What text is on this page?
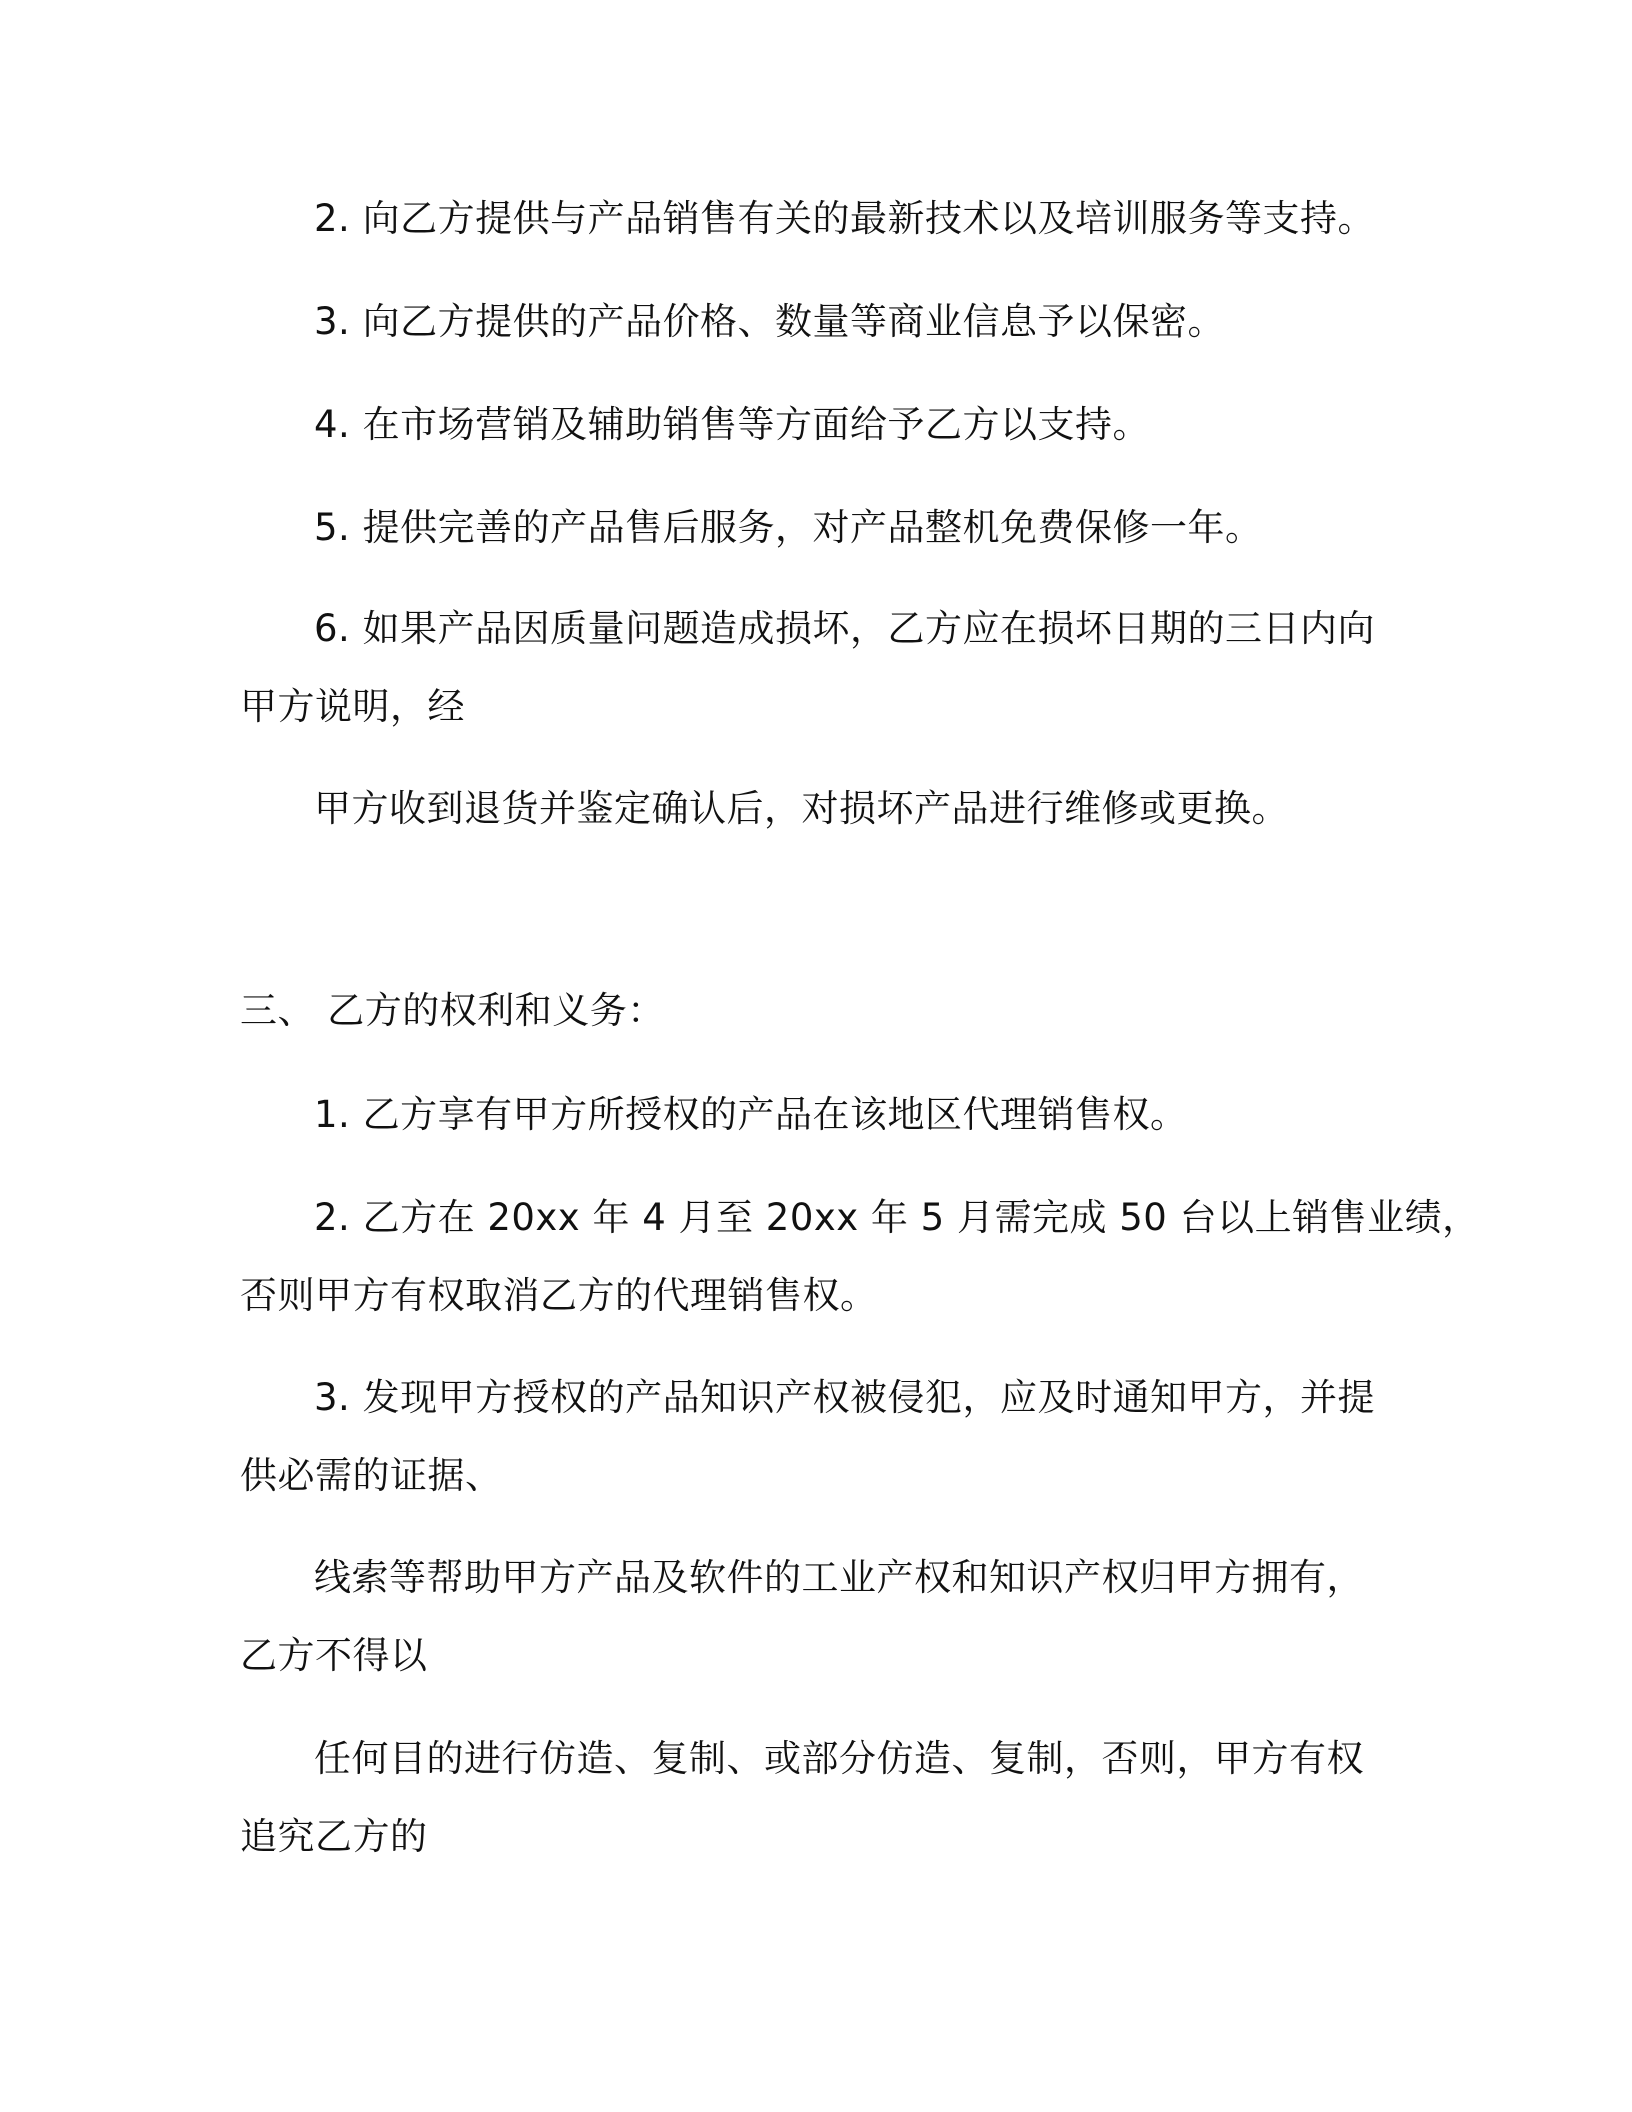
2. 向乙方提供与产品销售有关的最新技术以及培训服务等支持。
3. 向乙方提供的产品价格、数量等商业信息予以保密。
4. 在市场营销及辅助销售等方面给予乙方以支持。
5. 提供完善的产品售后服务，对产品整机免费保修一年。
6. 如果产品因质量问题造成损坏，乙方应在损坏日期的三日内向
甲方说明，经
甲方收到退货并鉴定确认后，对损坏产品进行维修或更换。
三、 乙方的权利和义务：
1. 乙方享有甲方所授权的产品在该地区代理销售权。
2. 乙方在 20xx 年 4 月至 20xx 年 5 月需完成 50 台以上销售业绩，
否则甲方有权取消乙方的代理销售权。
3. 发现甲方授权的产品知识产权被侵犯，应及时通知甲方，并提
供必需的证据、
线索等帮助甲方产品及软件的工业产权和知识产权归甲方拥有，
乙方不得以
任何目的进行仿造、复制、或部分仿造、复制，否则，甲方有权
追究乙方的
